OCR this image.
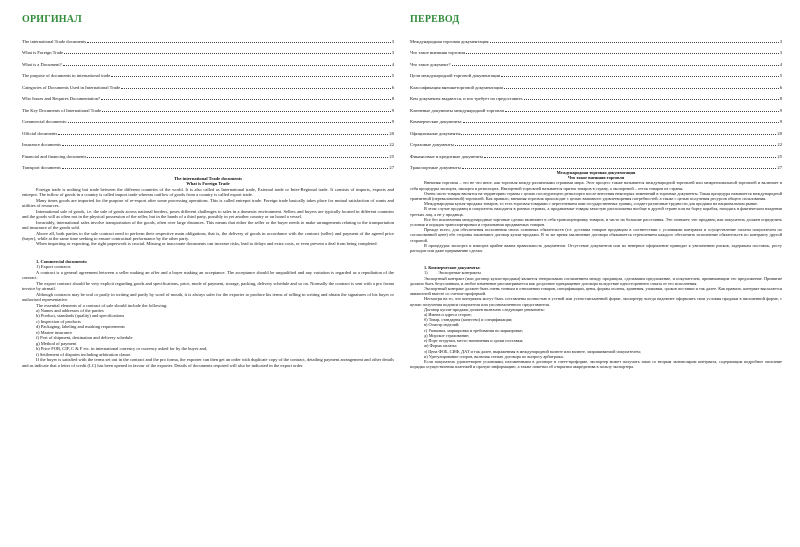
ОРИГИНАЛ
The international Trade documents	3
What is Foreign Trade	3
What is a Document?	4
The purpose of documents in international trade	5
Categories of Documents Used in International Trade	6
Who Issues and Requires Documentation?	8
The Key Documents of International Trade	9
Commercial documents:	9
Official documents	20
Insurance documents	22
Financial and financing documents	25
Transport documents	27

The international Trade documents

What is Foreign Trade

Foreign trade is nothing but trade between the different countries of the world. It is also called as International trade, External trade or Inter-Regional trade. It consists of imports, exports and entrepot. The inflow of goods in a country is called import trade whereas outflow of goods from a country is called export trade.

Many times goods are imported for the purpose of re-export after some processing operations. This is called entrepot trade. Foreign trade basically takes place for mutual satisfaction of wants and utilities of resources.

International sale of goods, i.e. the sale of goods across national borders, poses different challenges to sales in a domestic environment. Sellers and buyers are typically located in different countries and the goods will as often not in the physical possession of the seller, but in the hands of a third party, possibly in yet another country or on board a vessel.

Invariably, international sales involve transportation of the goods, often over large distances. This means that either the seller or the buyer needs to make arrangements relating to the transportation and insurance of the goods sold.

Above all, both parties to the sale contract need to perform their respective main obligations, that is, the delivery of goods in accordance with the contract (seller) and payment of the agreed price (buyer), while at the same time seeking to ensure contractual performance by the other party.

When importing or exporting, the right paperwork is crucial. Missing or inaccurate documents can increase risks, lead to delays and extra costs, or even prevent a deal from being completed.

1. Commercial documents:

1) Export contracts

A contract is a general agreement between a seller making an offer and a buyer making an acceptance. The acceptance should be unqualified and any variation is regarded as a repudiation of the contract.

The export contract should be very explicit regarding goods and specifications, price, mode of payment, storage, packing, delivery schedule and so on. Normally the contract is sent with a pro forma invoice by airmail.

Although contracts may be oral or partly in writing and partly by word of mouth, it is always safer for the exporter to produce his terms of selling in writing and obtain the signatures of his buyer or authorised representative.

The essential elements of a contract of sale should include the following:

a) Names and addresses of the parties

b) Product, standards (quality) and specifications

c) Inspection of products

d) Packaging, labeling and marking requirements

e) Marine insurance

f) Port of shipment, destination and delivery schedule

g) Method of payment

h) Price FOB, CIF, C & F etc. in international currency or currency asked for by the buyer and,

i) Settlement of disputes including arbitration clause.

If the buyer is satisfied with the terms set out in the contract and the pro forma, the exporter can then get an order with duplicate copy of the contract, detailing payment arrangement and other details and as indicate that a letter of credit (LC) has been opened in favour of the exporter. Details of documents required will also be indicated in the export order.

ПЕРЕВОД
Международная торговая документация	3
Что такое внешняя торговля	3
Что такое документ?	4
Цели международной торговой документации	5
Классификация внешнеторговой документации	6
Кем документы выдаются, и кто требует их предоставить	8
Ключевые документы международной торговли	9
Коммерческие документы:	9
Официальные документы	20
Страховые документы	22
Финансовые и кредитные документы	25
Транспортные документы	27

Международная торговая документация

Что такое внешняя торговля

Внешняя торговля – это не что иное, как торговля между различными странами мира. Этот процесс также называется международной торговлей или межрегиональной торговлей и включает в себя процедуры экспорта, импорта и реэкспорта. Импортной торговлей называется приток товаров в страну, а экспортной – отток товаров из страны.

Очень часто товары ввозятся на территорию страны с целью последующего реэкспорта после внесения некоторых изменений в торговые документы. Такая процедура называется международной транзитной (переваловочной) торговлей. Как правило, внешняя торговля происходит с целью взаимного удовлетворения потребностей, а также с целью получения ресурсов общего пользования.

Международная купля-продажа товаров, то есть торговля товарами с пересечением ими государственных границ, создает различные трудности для продажи на национальном рынке.

В этом случае продавец и покупатель находятся в разных странах, а продаваемые товары зачастую расположены вообще в другой стране или на борту корабля, находясь в фактическом владении третьих лиц, а не у продавца.

Все без исключения международные торговые сделки включают в себя транспортировку товаров, и часто на большие расстояния. Это означает, что продавец или покупатель должен определить условия и порядок транспортировки и страхования продаваемых товаров.

Прежде всего, для обеспечения исполнения своих основных обязательств (т.е. доставка товаров продавцом в соответствии с условиями контракта и осуществление оплаты покупателем по согласованной цене) обе стороны заключают договор купли-продажи. В то же время заключение договора обязывается стремлением каждого обеспечить исполнение обязательств по контракту другой стороной.

В процедурах экспорта и импорта крайне важна правильность документов. Отсутствие документов или их неверное оформление приводят к увеличению рисков, задержкам поставок, росту расходов или даже прерыванию сделки.

1. Коммерческие документы:

1)          Экспортные контракты

Экспортный контракт (или договор купли-продажи) является генеральным соглашением между продавцом, сделавшим предложение, и покупателем, принимающим это предложение. Принятие должно быть безусловным, и любое изменение рассматривается как досрочное прекращение договора вследствие одностороннего отказа от его исполнения.

Экспортный контракт должен быть очень точным в отношении товаров, спецификации, цены, формы оплаты, хранения, упаковки, сроков поставки и так далее. Как правило, контракт высылается авиапочтой вместе со счетом-проформой.

Несмотря на то, что контракты могут быть составлены полностью в устной или устно-письменной форме, экспортеру всегда надежнее оформлять свои условия продажи в письменной форме, с целью получения подписи покупателя или уполномоченного представителя.

Договор купли-продажи должен включать следующие реквизиты:

а) Имена и адреса сторон;

б) Товар, стандарты (качество) и спецификации;

в) Осмотр изделий;

г) Упаковка, маркировка и требования по маркировке;

д) Морское страхование;

е) Порт отгрузки, место назначения и сроки поставки;

ж) Форма оплаты;

з) Цена ФОБ, СИФ, ДАТ и так далее, выраженная в международной валюте или валюте, запрашиваемой покупателем;

и) Урегулирование споров, включая статью договора по вопросу арбитража.

Если покупатель удовлетворен условиями, изложенными в договоре и счете-проформе, экспортер может получить заказ со вторым экземпляром контракта, содержащим подробное описание порядка осуществления платежей и прочую информацию, а также пометки об открытии аккредитива в пользу экспортера.
